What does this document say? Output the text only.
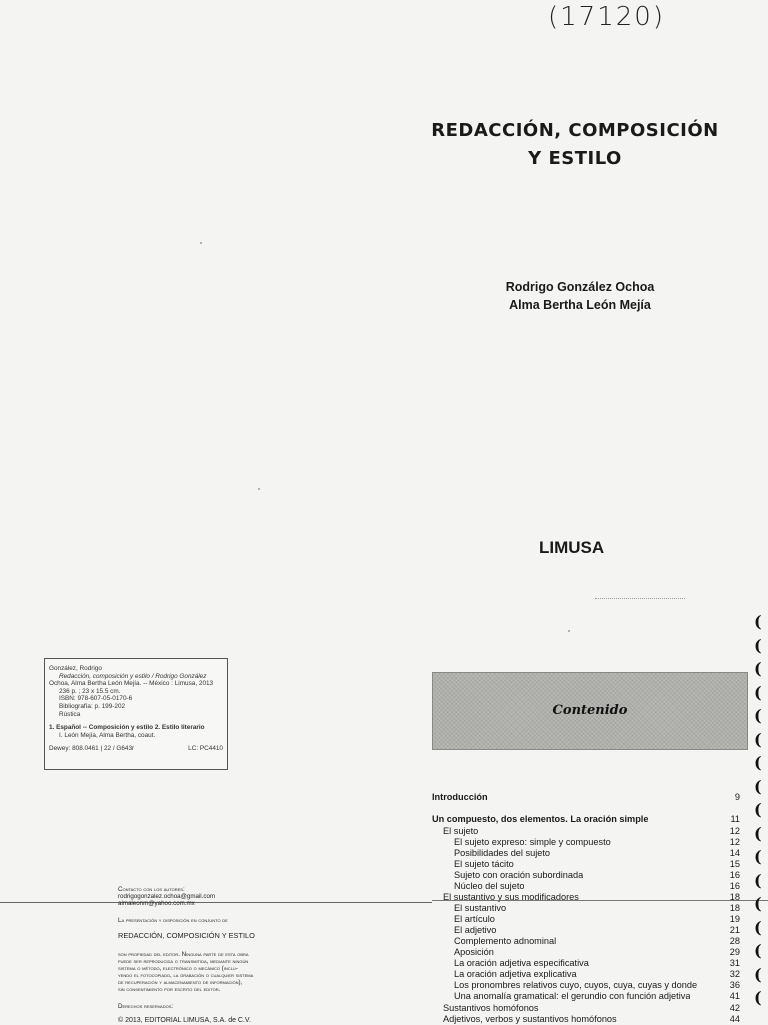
(17120)
REDACCIÓN, COMPOSICIÓN
Y ESTILO
Rodrigo González Ochoa
Alma Bertha León Mejía
LIMUSA
González, Rodrigo
Redacción, composición y estilo / Rodrigo González
Ochoa, Alma Bertha León Mejía. -- México : Limusa, 2013
236 p. ; 23 x 15.5 cm.
ISBN: 978-607-05-0170-6
Bibliografía: p. 199-202
Rústica
1. Español -- Composición y estilo 2. Estilo literario
I. León Mejía, Alma Bertha, coaut.
Dewey: 808.0461 | 22 / G643r	LC: PC4410
Contenido
Introducción	9
Un compuesto, dos elementos. La oración simple	11
El sujeto	12
El sujeto expreso: simple y compuesto	12
Posibilidades del sujeto	14
El sujeto tácito	15
Sujeto con oración subordinada	16
Núcleo del sujeto	16
El sustantivo y sus modificadores	18
El sustantivo	18
El artículo	19
El adjetivo	21
Complemento adnominal	28
Aposición	29
La oración adjetiva especificativa	31
La oración adjetiva explicativa	32
Los pronombres relativos cuyo, cuyos, cuya, cuyas y donde	36
Una anomalía gramatical: el gerundio con función adjetiva	41
Sustantivos homófonos	42
Adjetivos, verbos y sustantivos homófonos	44
Contacto con los autores:
rodrigogonzalez.ochoa@gmail.com
almaleonm@yahoo.com.mx
La presentación y disposición en conjunto de
REDACCIÓN, COMPOSICIÓN Y ESTILO
son propiedad del editor. Ninguna parte de esta obra
puede ser reproducida o transmitida, mediante ningún
sistema o método, electrónico o mecánico (inclu-
yendo el fotocopiado, la grabación o cualquier sistema
de recuperación y almacenamiento de información),
sin consentimiento por escrito del editor.
Derechos reservados:
© 2013, EDITORIAL LIMUSA, S.A. de C.V.
(
(
(
(
(
(
(
(
(
(
(
(
(
(
(
(
(
